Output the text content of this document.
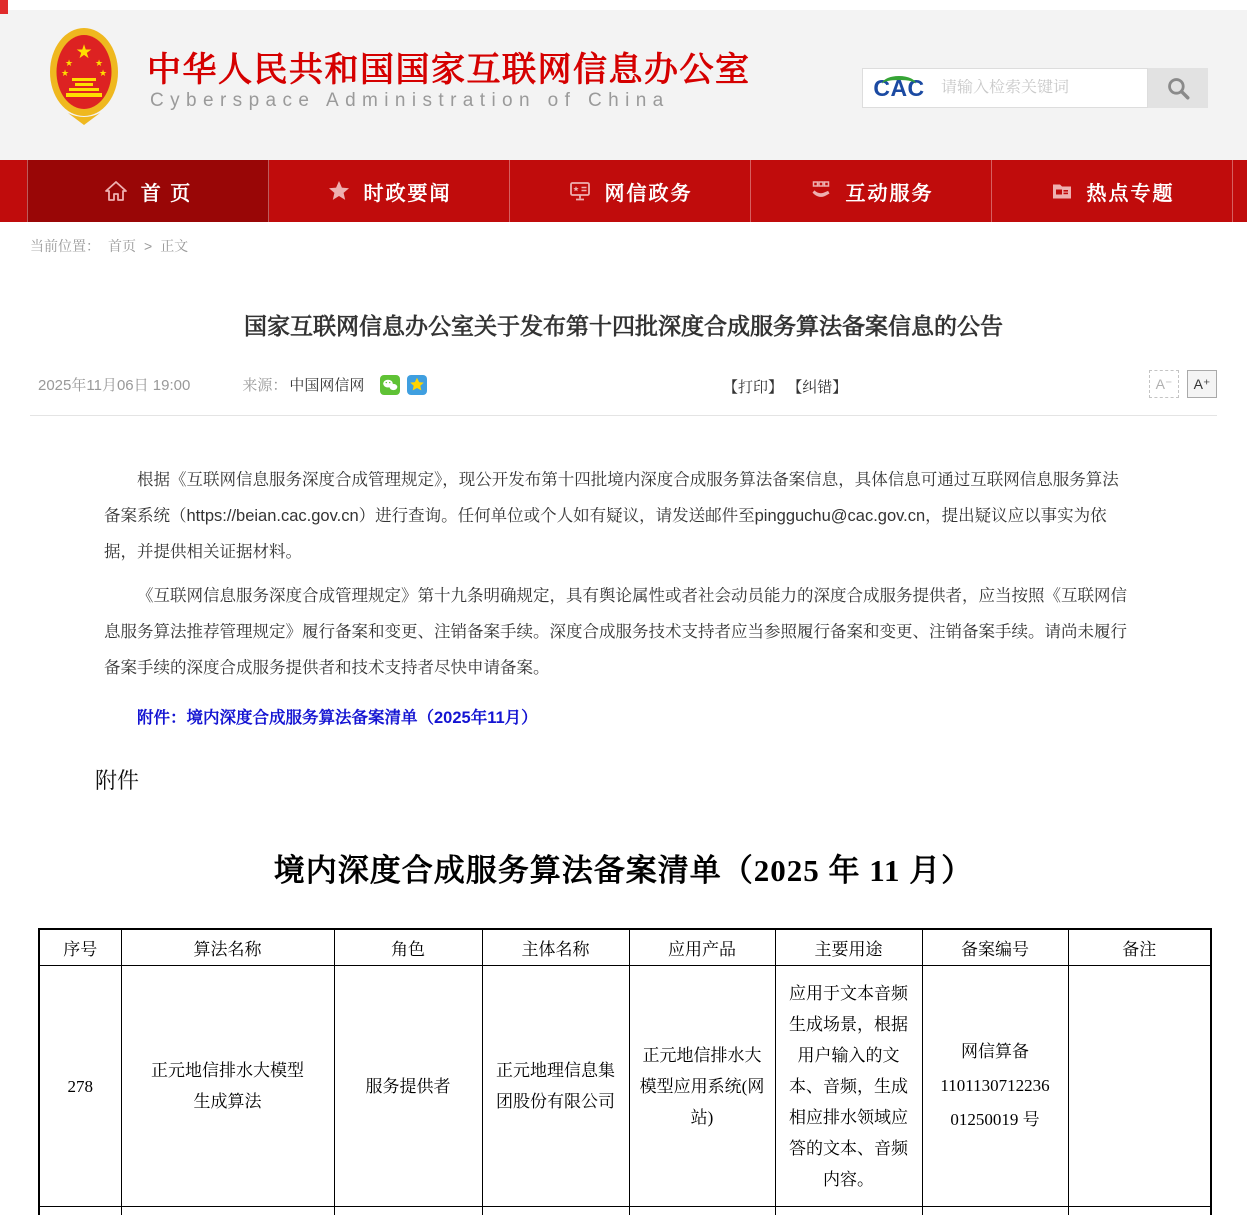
★
★ ★
★	★ 中华人民共和国国家互联网信息办公室
Cyberspace Administration of China	CAC
请输入检索关键词
首 页	时政要闻	网信政务	互动服务	热点专题
当前位置： 首页 > 正文
国家互联网信息办公室关于发布第十四批深度合成服务算法备案信息的公告
2025年11月06日 19:00	来源： 中国网信网	【打印】 【纠错】	A⁻	A⁺

根据《互联网信息服务深度合成管理规定》，现公开发布第十四批境内深度合成服务算法备案信息，具体信息可通过互联网信息服务算法备案系统（https://beian.cac.gov.cn）进行查询。任何单位或个人如有疑议，请发送邮件至pingguchu@cac.gov.cn，提出疑议应以事实为依据，并提供相关证据材料。

《互联网信息服务深度合成管理规定》第十九条明确规定，具有舆论属性或者社会动员能力的深度合成服务提供者，应当按照《互联网信息服务算法推荐管理规定》履行备案和变更、注销备案手续。深度合成服务技术支持者应当参照履行备案和变更、注销备案手续。请尚未履行备案手续的深度合成服务提供者和技术支持者尽快申请备案。

附件：境内深度合成服务算法备案清单（2025年11月）
附件
境内深度合成服务算法备案清单（2025 年 11 月）
序号	算法名称	角色	主体名称	应用产品	主要用途	备案编号	备注
278	正元地信排水大模型生成算法	服务提供者	正元地理信息集团股份有限公司	正元地信排水大模型应用系统(网站)	应用于文本音频生成场景，根据用户输入的文本、音频，生成相应排水领域应答的文本、音频内容。	网信算备
1101130712236
01250019 号	
